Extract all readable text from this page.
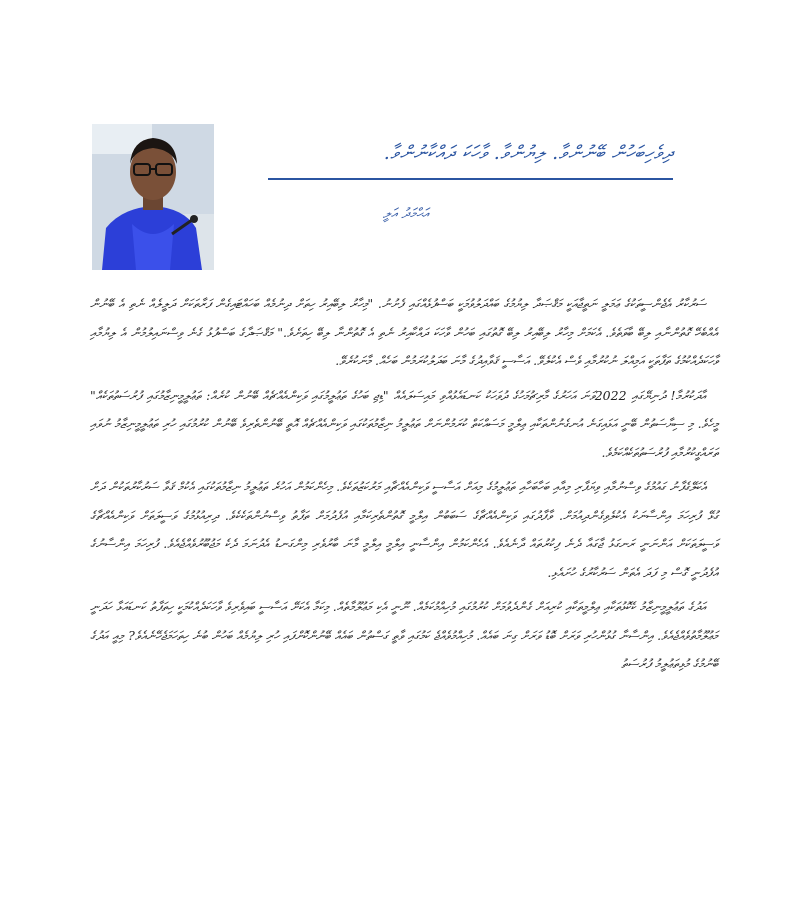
ދިވެހިބަހުން ބޭނުންވާ. ލިޔުންވާ. ވާހަކަ ދައްކާނުންވާ.
އަޙްމަދު އަލީ

ސަރުކާރު އެޖެންސީތަކުގެ ޢަމަލީ ނަތީޖާއަކީ މަޤްޞަދާ ލިޔުމުގެ ބައްދަލުވުމަކީ ބަސްފުޅެއްގައި ފެށުނު. "މިހާރު ލިބޭއިރު ހިތަށް ދިނުމެއް ބަހައްޓައިގެން ފަރާތަކަށް ދަލީލެއް ނެތި އެ ބޭނުން އެއްބެހޭ ގޮތުންނާއި ލިބޭ ބާވަތެވެ. އެކަމަށް މިހާރު ލިބޭއިރު ލިބޭ ގޮތުގައި ބަހުން ވާހަކަ ދައްކާއިރު ނެތި އެ ގޮތުންނާ ލިބޭ ހިތަށެވެ." މަޤްޞަދާގެ ބަސްފުޅު ގެނެ ވިސްނައިލުމުން އެ ލިޔުމާއި ވާހަކަދެއްކުމުގެ ތަފާތަކީ އަމިއްލަ ނުކުރުމާއި ވެސް އެކުލެވޭ. އަސާސީ ޤަވާއިދުގެ މާނަ ބަދަލުކުރަމުން ބަހެއް. މާނަކުރެވޭ.

އާދަކުރުމާ! ދުނިޔޭގައި 2022ވަނަ އަހަރުގެ މާރިޗުމަހުގެ ދުވަހަކު ކަނޑައެޅުއްވި މައިސަލައެއް "ޑިޖި ބަހުގެ ތަޢުލީމުގައި ވަކިންއެއްޗެއް ބޭނުން ކުރެއް: ތަޢުލީމީނިޒާމުގައި ފުރުސަތުތަކެއް" މީހެވެ. މި ސިޔާސަތުން ބޭނީ އަޅައިގަނެ އުނގެނުންތަކާއި ޢިލްމީ މަސައްކަތް ކުރަމުންނަށް ތަޢުލީމު ނިޒާމުތަކުގައި ވަކިންއެއްޗެއް އޮތީ ބޭނުންތެރިވެ ބޭނުން ކުރުމުގައި ހުރި ތަޢުލީމީނިޒާމު ނުވައި ތަރައްގީކުރުމާއި ފުރުސަތުތަކެއްކަމެވެ.

އެކަލޭގެފާނު ގައުމުގެ ވިސްނުމާއި ވިޔަފާރި މިއާއި ބަހާބަހާއި ތަޢުލީމުގެ މިއަށް އަސާސީ ވަކިންއެއްޗާއި މަރުކަޒުތަކެވެ. މިހެންކަމުން އަހުރެ ތަޢުލީމު ނިޒާމުތަކުގައި އެކުމް ޤަވާ ސަރުކާރުތަކުން ދަށް ގުޅޭ ފުރިހަމަ އިންސާނަކު އެކުލެވިގެންދިއުމަށް. ވާފާދުގައި ވަކިންއެއްޗާގެ ސަބަބުން އިލްމީ ގޮތުންތެރިކަމާއި އުފެދުމަށް ތަފާތު ވިސްނުންތަކެކެވެ. ދިރިއުޅުމުގެ ވަސީލަތަށް ވަކިންއެއްޗާގެ ވަސީލަތަކަށް އަންނަނީ ރަނގަޅު ޖާގައާ ދެނެ ފިކުރުތައް ދާނެއެވެ. އެހެންކަމުން އިންސާނީ އިލްމީ އިލްމީ މާނަ ބާރުވެރި މިންގަނޑު އެދުނަމަ ދެކެ މަޖުބޫރުވެއްޖެއެވެ. ފުރިހަމަ އިންސާނުގެ އުފެދުނީ ގޮސް މި ފަދަ އެތަން ސަރުކާރުގެ ހުށައެޅި.

އަދުގެ ތަޢުލީމީނިޒާމު ކެކޮޅުތަކާއި ޢިލްމީތަކާއި ކުރިއަށް ގެންދެވުމަށް ކުރުމުގައި މުހިއްމުކަމެއް. ނޫނީ އެކި މަޢުލޫމާތެއް. މިކަމާ އެކަށޭ އަސާސީ ބައިވެރިވެ ވާހަކަދެއްކުމަކީ ހިތަފާތު ކަނޑައަޅާ ހަދަނީ މަޢުލޫމާތުވެއްޖެއެވެ. އިންސާނާ ގުޅުންހުރި ވަރަށް ބޮޑު ވަރަށް ގިނަ ބައެއް. މުހިއްމުވެއްޖެ ކަމުގައި ވާތީ ގަސްތުން ބައެއް ބޭނުންކޮށްފައި ހުރި ލިޔުމެއް ބަހުން ބުނެ ހިތަހަމަޖެހޭނެއެވެ? މިއީ އަދުގެ ބޭނުމުގެ މުޅިތަޢުލީމު ފުރުސަތު
